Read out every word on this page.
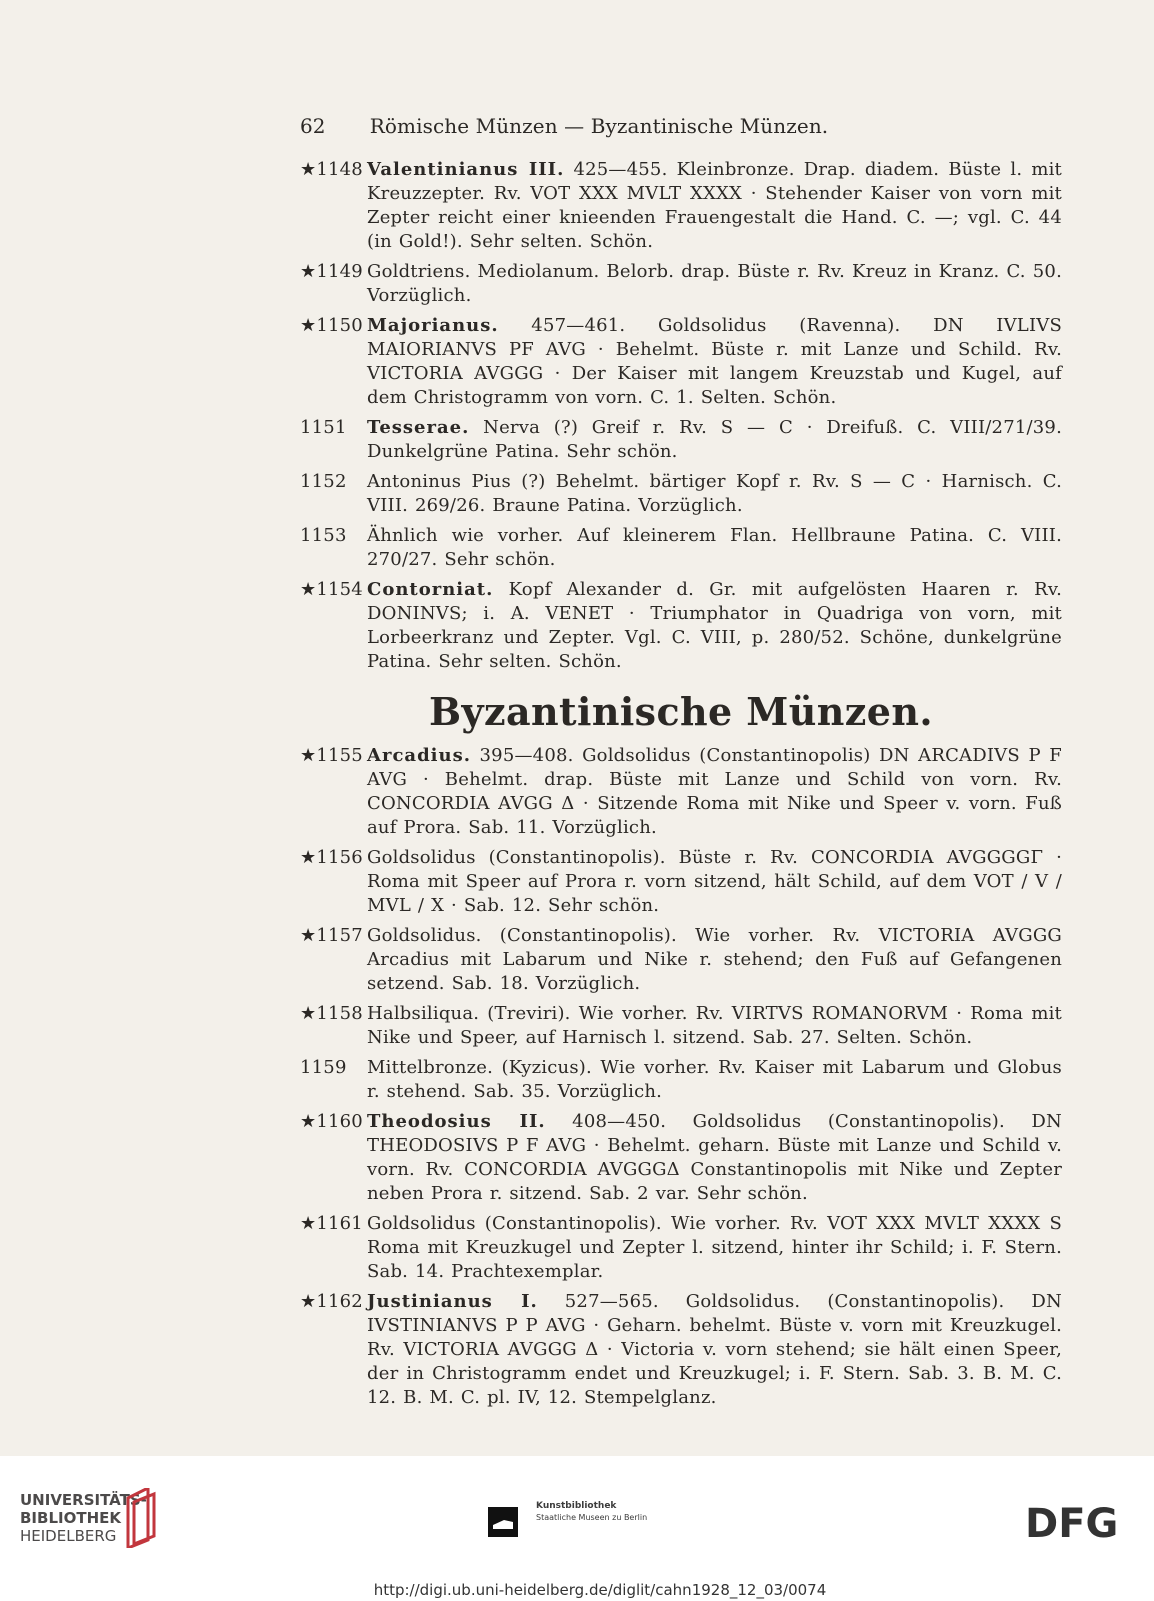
62	Römische Münzen — Byzantinische Münzen.
★1148 Valentinianus III. 425—455. Kleinbronze. Drap. diadem. Büste l. mit Kreuzzepter. Rv. VOT XXX MVLT XXXX · Stehender Kaiser von vorn mit Zepter reicht einer knieenden Frauengestalt die Hand. C. —; vgl. C. 44 (in Gold!). Sehr selten. Schön.
★1149 Goldtriens. Mediolanum. Belorb. drap. Büste r. Rv. Kreuz in Kranz. C. 50. Vorzüglich.
★1150 Majorianus. 457—461. Goldsolidus (Ravenna). DN IVLIVS MAIORIANVS PF AVG · Behelmt. Büste r. mit Lanze und Schild. Rv. VICTORIA AVGGG · Der Kaiser mit langem Kreuzstab und Kugel, auf dem Christogramm von vorn. C. 1. Selten. Schön.
1151	Tesserae. Nerva (?) Greif r. Rv. S — C · Dreifuß. C. VIII/271/39. Dunkelgrüne Patina. Sehr schön.
1152	Antoninus Pius (?) Behelmt. bärtiger Kopf r. Rv. S — C · Harnisch. C. VIII. 269/26. Braune Patina. Vorzüglich.
1153	Ähnlich wie vorher. Auf kleinerem Flan. Hellbraune Patina. C. VIII. 270/27. Sehr schön.
★1154 Contorniat. Kopf Alexander d. Gr. mit aufgelösten Haaren r. Rv. DONINVS; i. A. VENET · Triumphator in Quadriga von vorn, mit Lorbeerkranz und Zepter. Vgl. C. VIII, p. 280/52. Schöne, dunkelgrüne Patina. Sehr selten. Schön.
Byzantinische Münzen.
★1155 Arcadius. 395—408. Goldsolidus (Constantinopolis) DN ARCADIVS P F AVG · Behelmt. drap. Büste mit Lanze und Schild von vorn. Rv. CONCORDIA AVGG Δ · Sitzende Roma mit Nike und Speer v. vorn. Fuß auf Prora. Sab. 11. Vorzüglich.
★1156 Goldsolidus (Constantinopolis). Büste r. Rv. CONCORDIA AVGGGGΓ · Roma mit Speer auf Prora r. vorn sitzend, hält Schild, auf dem VOT / V / MVL / X · Sab. 12. Sehr schön.
★1157 Goldsolidus. (Constantinopolis). Wie vorher. Rv. VICTORIA AVGGG Arcadius mit Labarum und Nike r. stehend; den Fuß auf Gefangenen setzend. Sab. 18. Vorzüglich.
★1158 Halbsiliqua. (Treviri). Wie vorher. Rv. VIRTVS ROMANORVM · Roma mit Nike und Speer, auf Harnisch l. sitzend. Sab. 27. Selten. Schön.
1159	Mittelbronze. (Kyzicus). Wie vorher. Rv. Kaiser mit Labarum und Globus r. stehend. Sab. 35. Vorzüglich.
★1160 Theodosius II. 408—450. Goldsolidus (Constantinopolis). DN THEODOSIVS P F AVG · Behelmt. geharn. Büste mit Lanze und Schild v. vorn. Rv. CONCORDIA AVGGGΔ Constantinopolis mit Nike und Zepter neben Prora r. sitzend. Sab. 2 var. Sehr schön.
★1161 Goldsolidus (Constantinopolis). Wie vorher. Rv. VOT XXX MVLT XXXX S Roma mit Kreuzkugel und Zepter l. sitzend, hinter ihr Schild; i. F. Stern. Sab. 14. Prachtexemplar.
★1162 Justinianus I. 527—565. Goldsolidus. (Constantinopolis). DN IVSTINIANVS P P AVG · Geharn. behelmt. Büste v. vorn mit Kreuzkugel. Rv. VICTORIA AVGGG Δ · Victoria v. vorn stehend; sie hält einen Speer, der in Christogramm endet und Kreuzkugel; i. F. Stern. Sab. 3. B. M. C. 12. B. M. C. pl. IV, 12. Stempelglanz.
UNIVERSITÄTS-
BIBLIOTHEK
HEIDELBERG
Kunstbibliothek
Staatliche Museen zu Berlin	DFG
http://digi.ub.uni-heidelberg.de/diglit/cahn1928_12_03/0074
